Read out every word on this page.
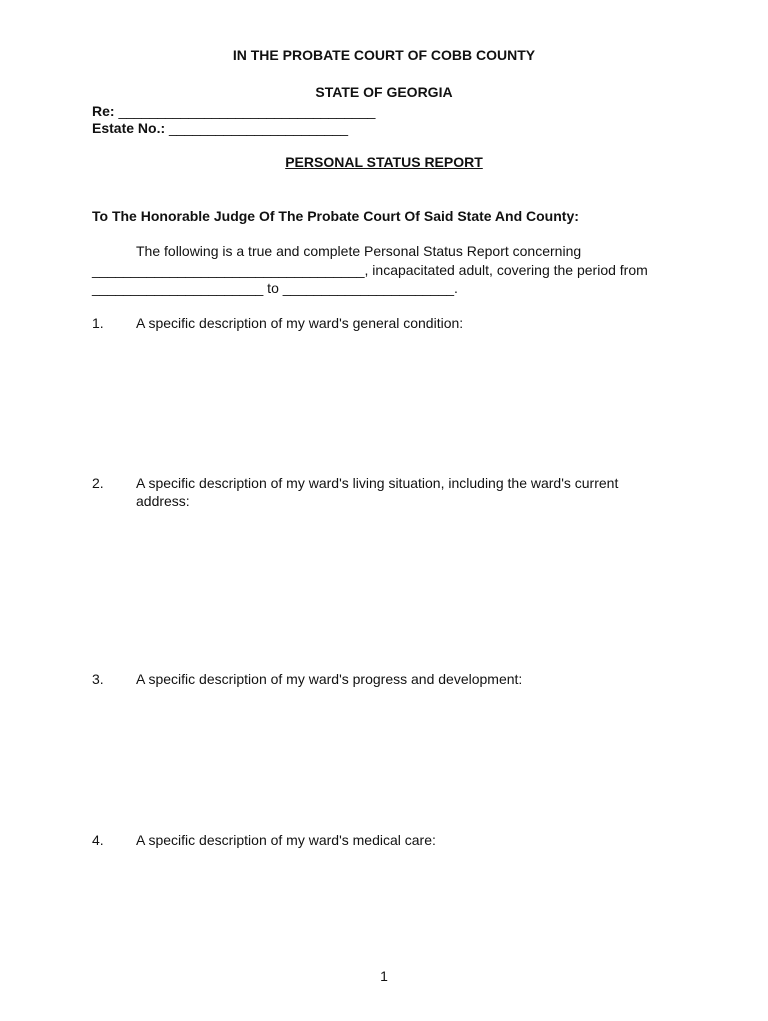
IN THE PROBATE COURT OF COBB COUNTY
STATE OF GEORGIA
Re: _________________________________
Estate No.: _______________________
PERSONAL STATUS REPORT
To The Honorable Judge Of The Probate Court Of Said State And County:
The following is a true and complete Personal Status Report concerning
___________________________________, incapacitated adult, covering the period from
______________________ to ______________________.
1. A specific description of my ward's general condition:
2. A specific description of my ward's living situation, including the ward's current
address:
3. A specific description of my ward's progress and development:
4. A specific description of my ward's medical care:
1
